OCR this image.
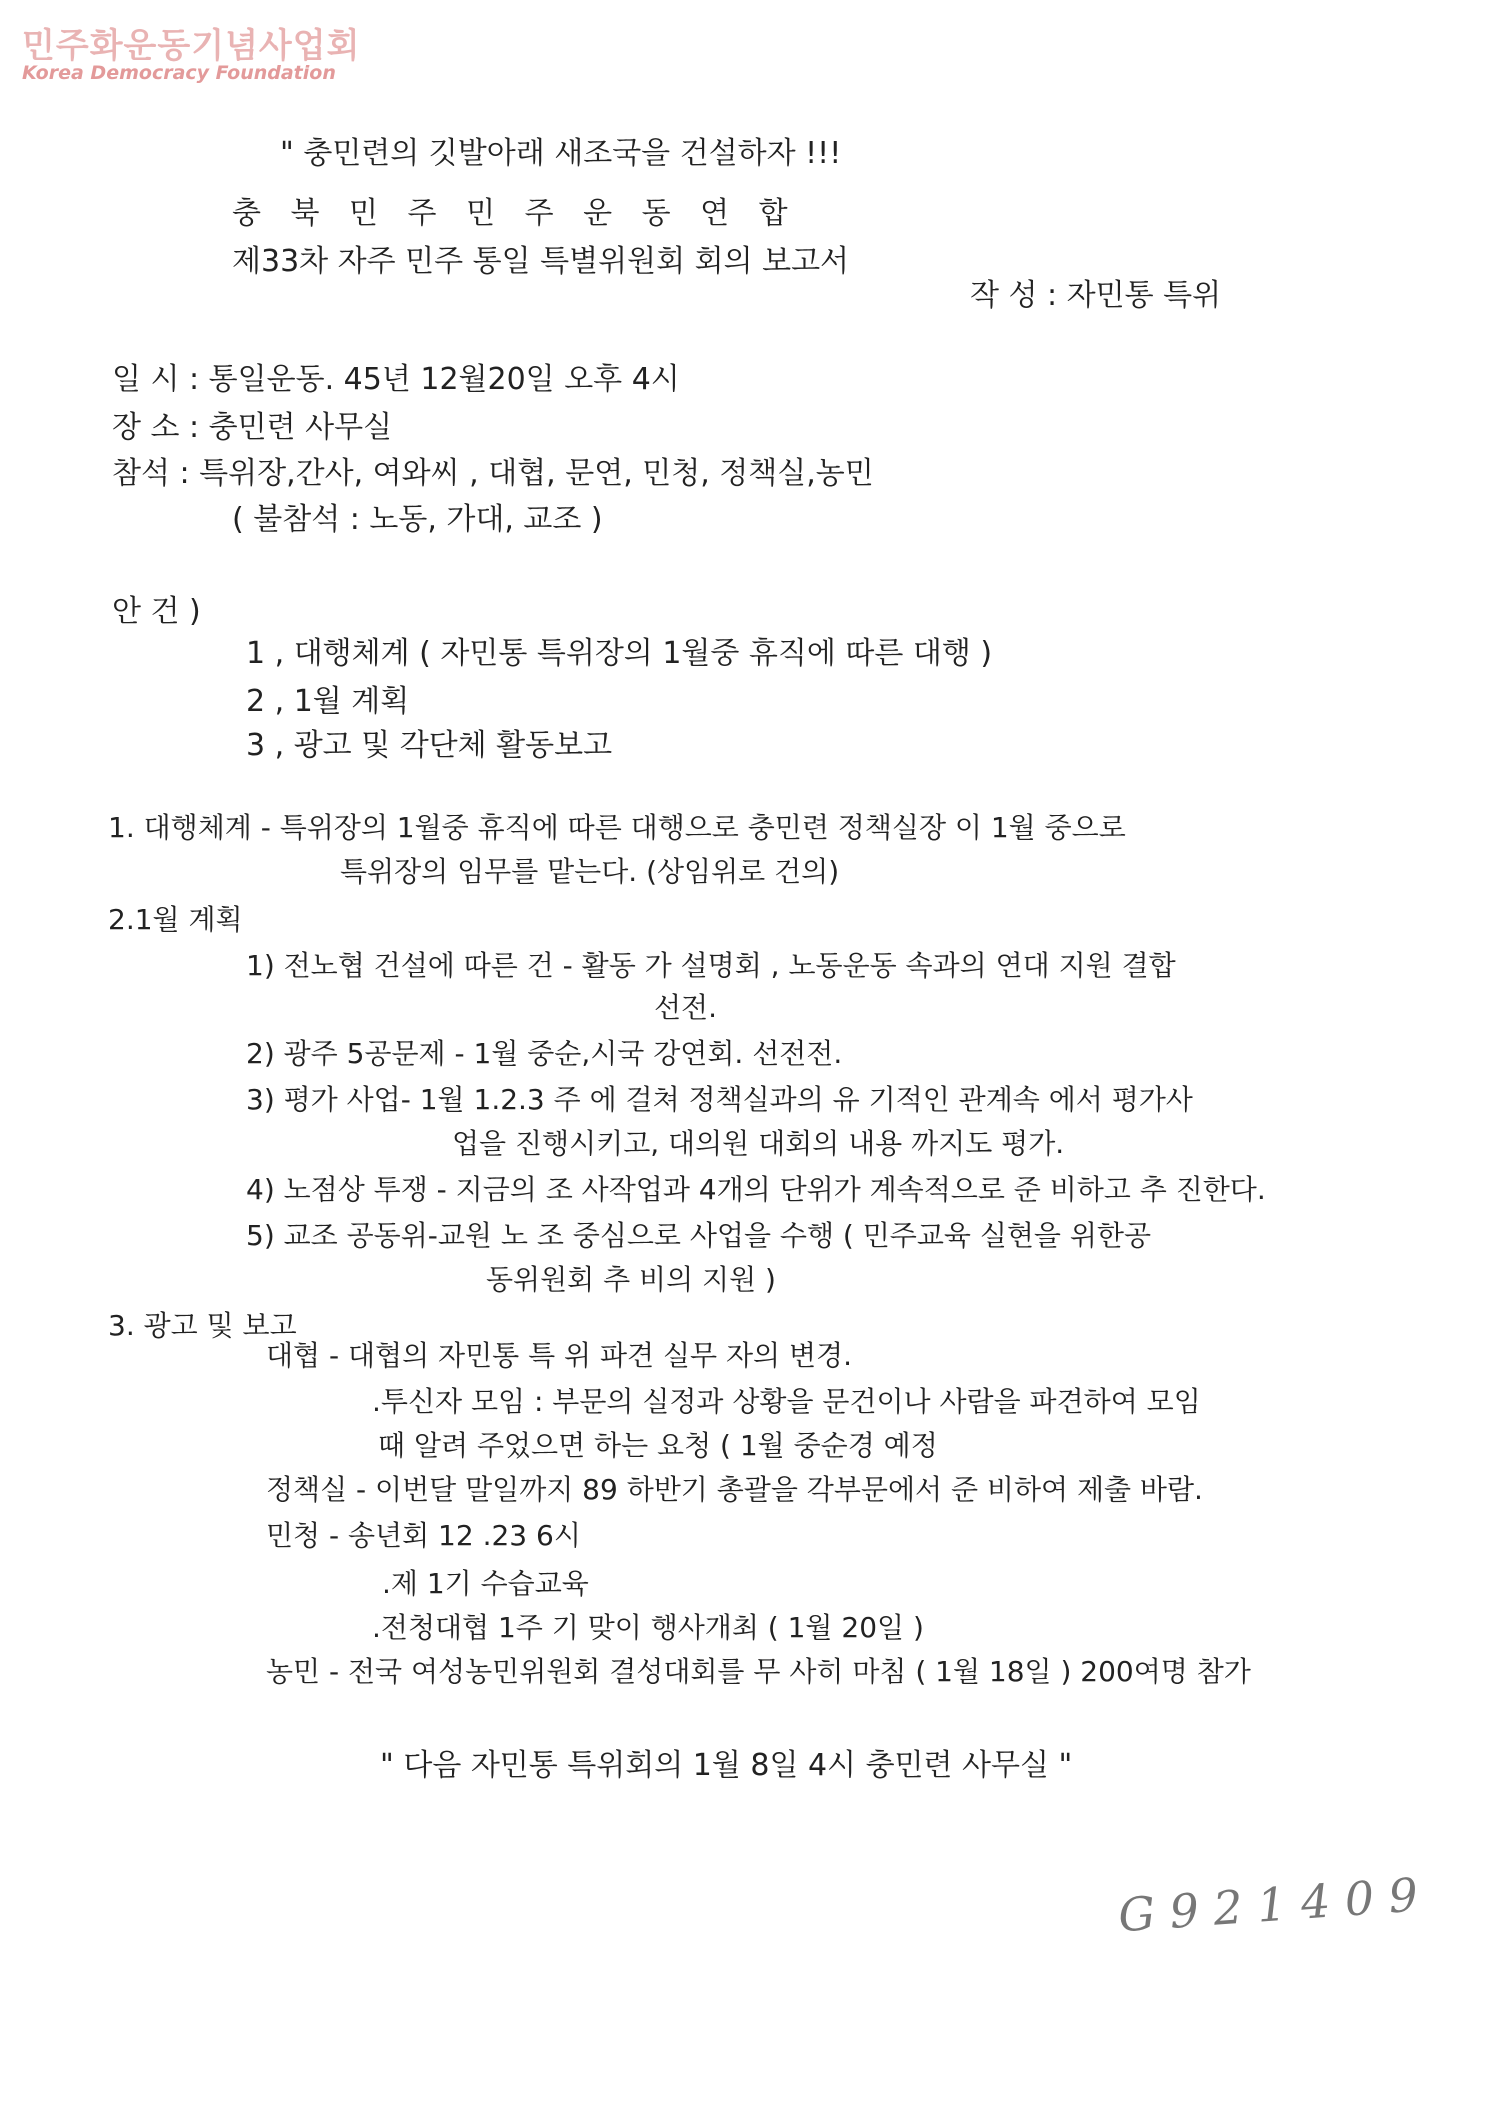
민주화운동기념사업회
Korea Democracy Foundation
" 충민련의 깃발아래 새조국을 건설하자 !!!
충 북 민 주 민 주 운 동 연 합
제33차 자주 민주 통일 특별위원회 회의 보고서
작 성 : 자민통 특위
일 시 : 통일운동. 45년 12월20일 오후 4시
장 소 : 충민련 사무실
참석 : 특위장,간사, 여와씨 , 대협, 문연, 민청, 정책실,농민
( 불참석 : 노동, 가대, 교조 )
안 건 )
1 , 대행체계 ( 자민통 특위장의 1월중 휴직에 따른 대행 )
2 , 1월 계획
3 , 광고 및 각단체 활동보고
1. 대행체계 - 특위장의 1월중 휴직에 따른 대행으로 충민련 정책실장 이 1월 중으로
특위장의 임무를 맡는다. (상임위로 건의)
2.1월 계획
1) 전노협 건설에 따른 건 - 활동 가 설명회 , 노동운동 속과의 연대 지원 결합
선전.
2) 광주 5공문제 - 1월 중순,시국 강연회. 선전전.
3) 평가 사업- 1월 1.2.3 주 에 걸쳐 정책실과의 유 기적인 관계속 에서 평가사
업을 진행시키고, 대의원 대회의 내용 까지도 평가.
4) 노점상 투쟁 - 지금의 조 사작업과 4개의 단위가 계속적으로 준 비하고 추 진한다.
5) 교조 공동위-교원 노 조 중심으로 사업을 수행 ( 민주교육 실현을 위한공
동위원회 추 비의 지원 )
3. 광고 및 보고
대협 - 대협의 자민통 특 위 파견 실무 자의 변경.
.투신자 모임 : 부문의 실정과 상황을 문건이나 사람을 파견하여 모임
때 알려 주었으면 하는 요청 ( 1월 중순경 예정
정책실 - 이번달 말일까지 89 하반기 총괄을 각부문에서 준 비하여 제출 바람.
민청 - 송년회 12 .23 6시
.제 1기 수습교육
.전청대협 1주 기 맞이 행사개최 ( 1월 20일 )
농민 - 전국 여성농민위원회 결성대회를 무 사히 마침 ( 1월 18일 ) 200여명 참가
" 다음 자민통 특위회의 1월 8일 4시 충민련 사무실 "
G 9 2 1 4 0 9
